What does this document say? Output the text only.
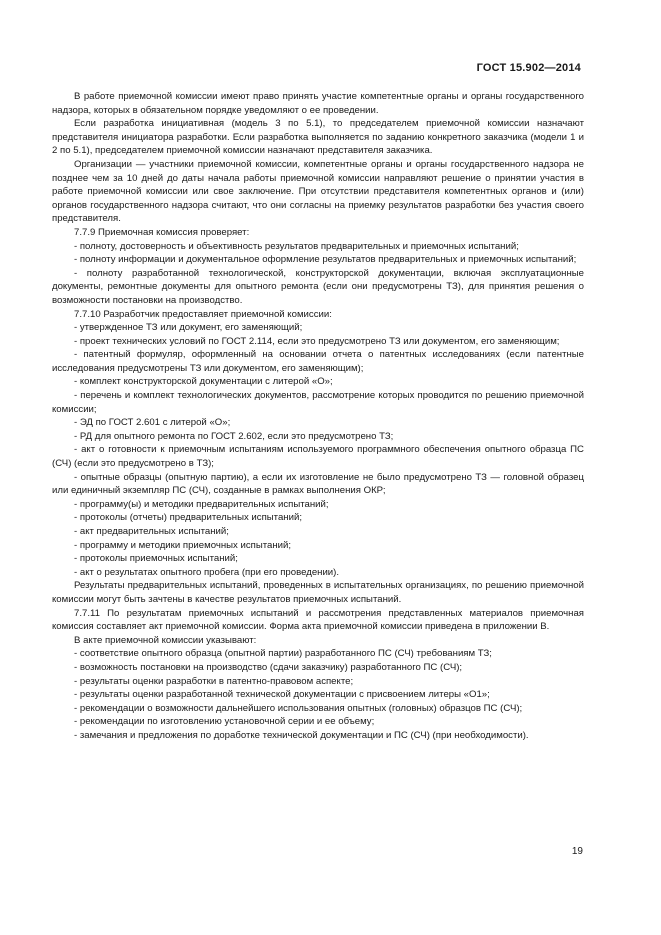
ГОСТ 15.902—2014

В работе приемочной комиссии имеют право принять участие компетентные органы и органы государственного надзора, которых в обязательном порядке уведомляют о ее проведении.

Если разработка инициативная (модель 3 по 5.1), то председателем приемочной комиссии назначают представителя инициатора разработки. Если разработка выполняется по заданию конкретного заказчика (модели 1 и 2 по 5.1), председателем приемочной комиссии назначают представителя заказчика.

Организации — участники приемочной комиссии, компетентные органы и органы государственного надзора не позднее чем за 10 дней до даты начала работы приемочной комиссии направляют решение о принятии участия в работе приемочной комиссии или свое заключение. При отсутствии представителя компетентных органов и (или) органов государственного надзора считают, что они согласны на приемку результатов разработки без участия своего представителя.

7.7.9 Приемочная комиссия проверяет:

- полноту, достоверность и объективность результатов предварительных и приемочных испытаний;

- полноту информации и документальное оформление результатов предварительных и приемочных испытаний;

- полноту разработанной технологической, конструкторской документации, включая эксплуатационные документы, ремонтные документы для опытного ремонта (если они предусмотрены ТЗ), для принятия решения о возможности постановки на производство.

7.7.10 Разработчик предоставляет приемочной комиссии:

- утвержденное ТЗ или документ, его заменяющий;

- проект технических условий по ГОСТ 2.114, если это предусмотрено ТЗ или документом, его заменяющим;

- патентный формуляр, оформленный на основании отчета о патентных исследованиях (если патентные исследования предусмотрены ТЗ или документом, его заменяющим);

- комплект конструкторской документации с литерой «О»;

- перечень и комплект технологических документов, рассмотрение которых проводится по решению приемочной комиссии;

- ЭД по ГОСТ 2.601 с литерой «О»;

- РД для опытного ремонта по ГОСТ 2.602, если это предусмотрено ТЗ;

- акт о готовности к приемочным испытаниям используемого программного обеспечения опытного образца ПС (СЧ) (если это предусмотрено в ТЗ);

- опытные образцы (опытную партию), а если их изготовление не было предусмотрено ТЗ — головной образец или единичный экземпляр ПС (СЧ), созданные в рамках выполнения ОКР;

- программу(ы) и методики предварительных испытаний;

- протоколы (отчеты) предварительных испытаний;

- акт предварительных испытаний;

- программу и методики приемочных испытаний;

- протоколы приемочных испытаний;

- акт о результатах опытного пробега (при его проведении).

Результаты предварительных испытаний, проведенных в испытательных организациях, по решению приемочной комиссии могут быть зачтены в качестве результатов приемочных испытаний.

7.7.11 По результатам приемочных испытаний и рассмотрения представленных материалов приемочная комиссия составляет акт приемочной комиссии. Форма акта приемочной комиссии приведена в приложении В.

В акте приемочной комиссии указывают:

- соответствие опытного образца (опытной партии) разработанного ПС (СЧ) требованиям ТЗ;

- возможность постановки на производство (сдачи заказчику) разработанного ПС (СЧ);

- результаты оценки разработки в патентно-правовом аспекте;

- результаты оценки разработанной технической документации с присвоением литеры «О1»;

- рекомендации о возможности дальнейшего использования опытных (головных) образцов ПС (СЧ);

- рекомендации по изготовлению установочной серии и ее объему;

- замечания и предложения по доработке технической документации и ПС (СЧ) (при необходимости).

19
